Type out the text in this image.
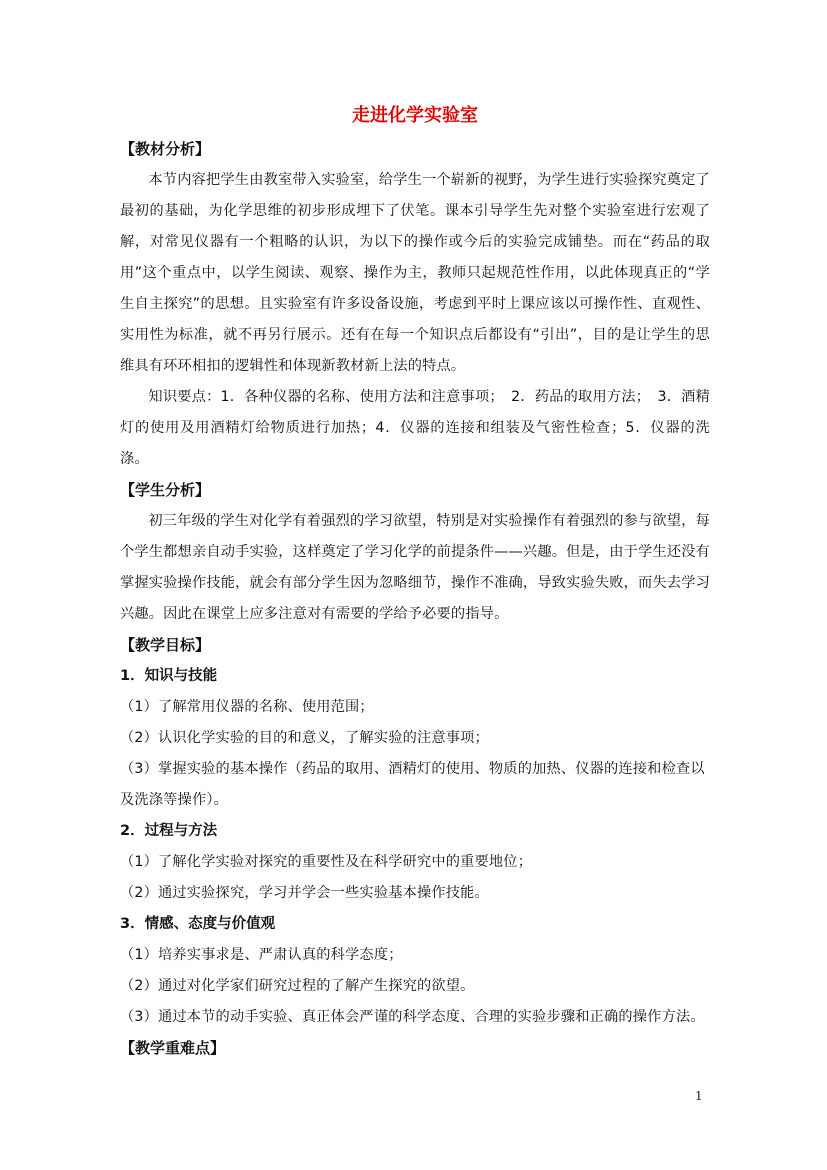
走进化学实验室

【教材分析】

本节内容把学生由教室带入实验室，给学生一个崭新的视野，为学生进行实验探究奠定了最初的基础，为化学思维的初步形成埋下了伏笔。课本引导学生先对整个实验室进行宏观了解，对常见仪器有一个粗略的认识，为以下的操作或今后的实验完成铺垫。而在“药品的取用”这个重点中，以学生阅读、观察、操作为主，教师只起规范性作用，以此体现真正的“学生自主探究”的思想。且实验室有许多设备设施，考虑到平时上课应该以可操作性、直观性、实用性为标准，就不再另行展示。还有在每一个知识点后都设有“引出”，目的是让学生的思维具有环环相扣的逻辑性和体现新教材新上法的特点。

知识要点：1．各种仪器的名称、使用方法和注意事项；　2．药品的取用方法；　3．酒精灯的使用及用酒精灯给物质进行加热；4．仪器的连接和组装及气密性检查；5．仪器的洗涤。

【学生分析】

初三年级的学生对化学有着强烈的学习欲望，特别是对实验操作有着强烈的参与欲望，每个学生都想亲自动手实验，这样奠定了学习化学的前提条件——兴趣。但是，由于学生还没有掌握实验操作技能，就会有部分学生因为忽略细节，操作不准确，导致实验失败，而失去学习兴趣。因此在课堂上应多注意对有需要的学给予必要的指导。

【教学目标】

1．知识与技能

（1）了解常用仪器的名称、使用范围；

（2）认识化学实验的目的和意义，了解实验的注意事项；

（3）掌握实验的基本操作（药品的取用、酒精灯的使用、物质的加热、仪器的连接和检查以及洗涤等操作）。

2．过程与方法

（1）了解化学实验对探究的重要性及在科学研究中的重要地位；

（2）通过实验探究，学习并学会一些实验基本操作技能。

3．情感、态度与价值观

（1）培养实事求是、严肃认真的科学态度；

（2）通过对化学家们研究过程的了解产生探究的欲望。

（3）通过本节的动手实验、真正体会严谨的科学态度、合理的实验步骤和正确的操作方法。

【教学重难点】

1
